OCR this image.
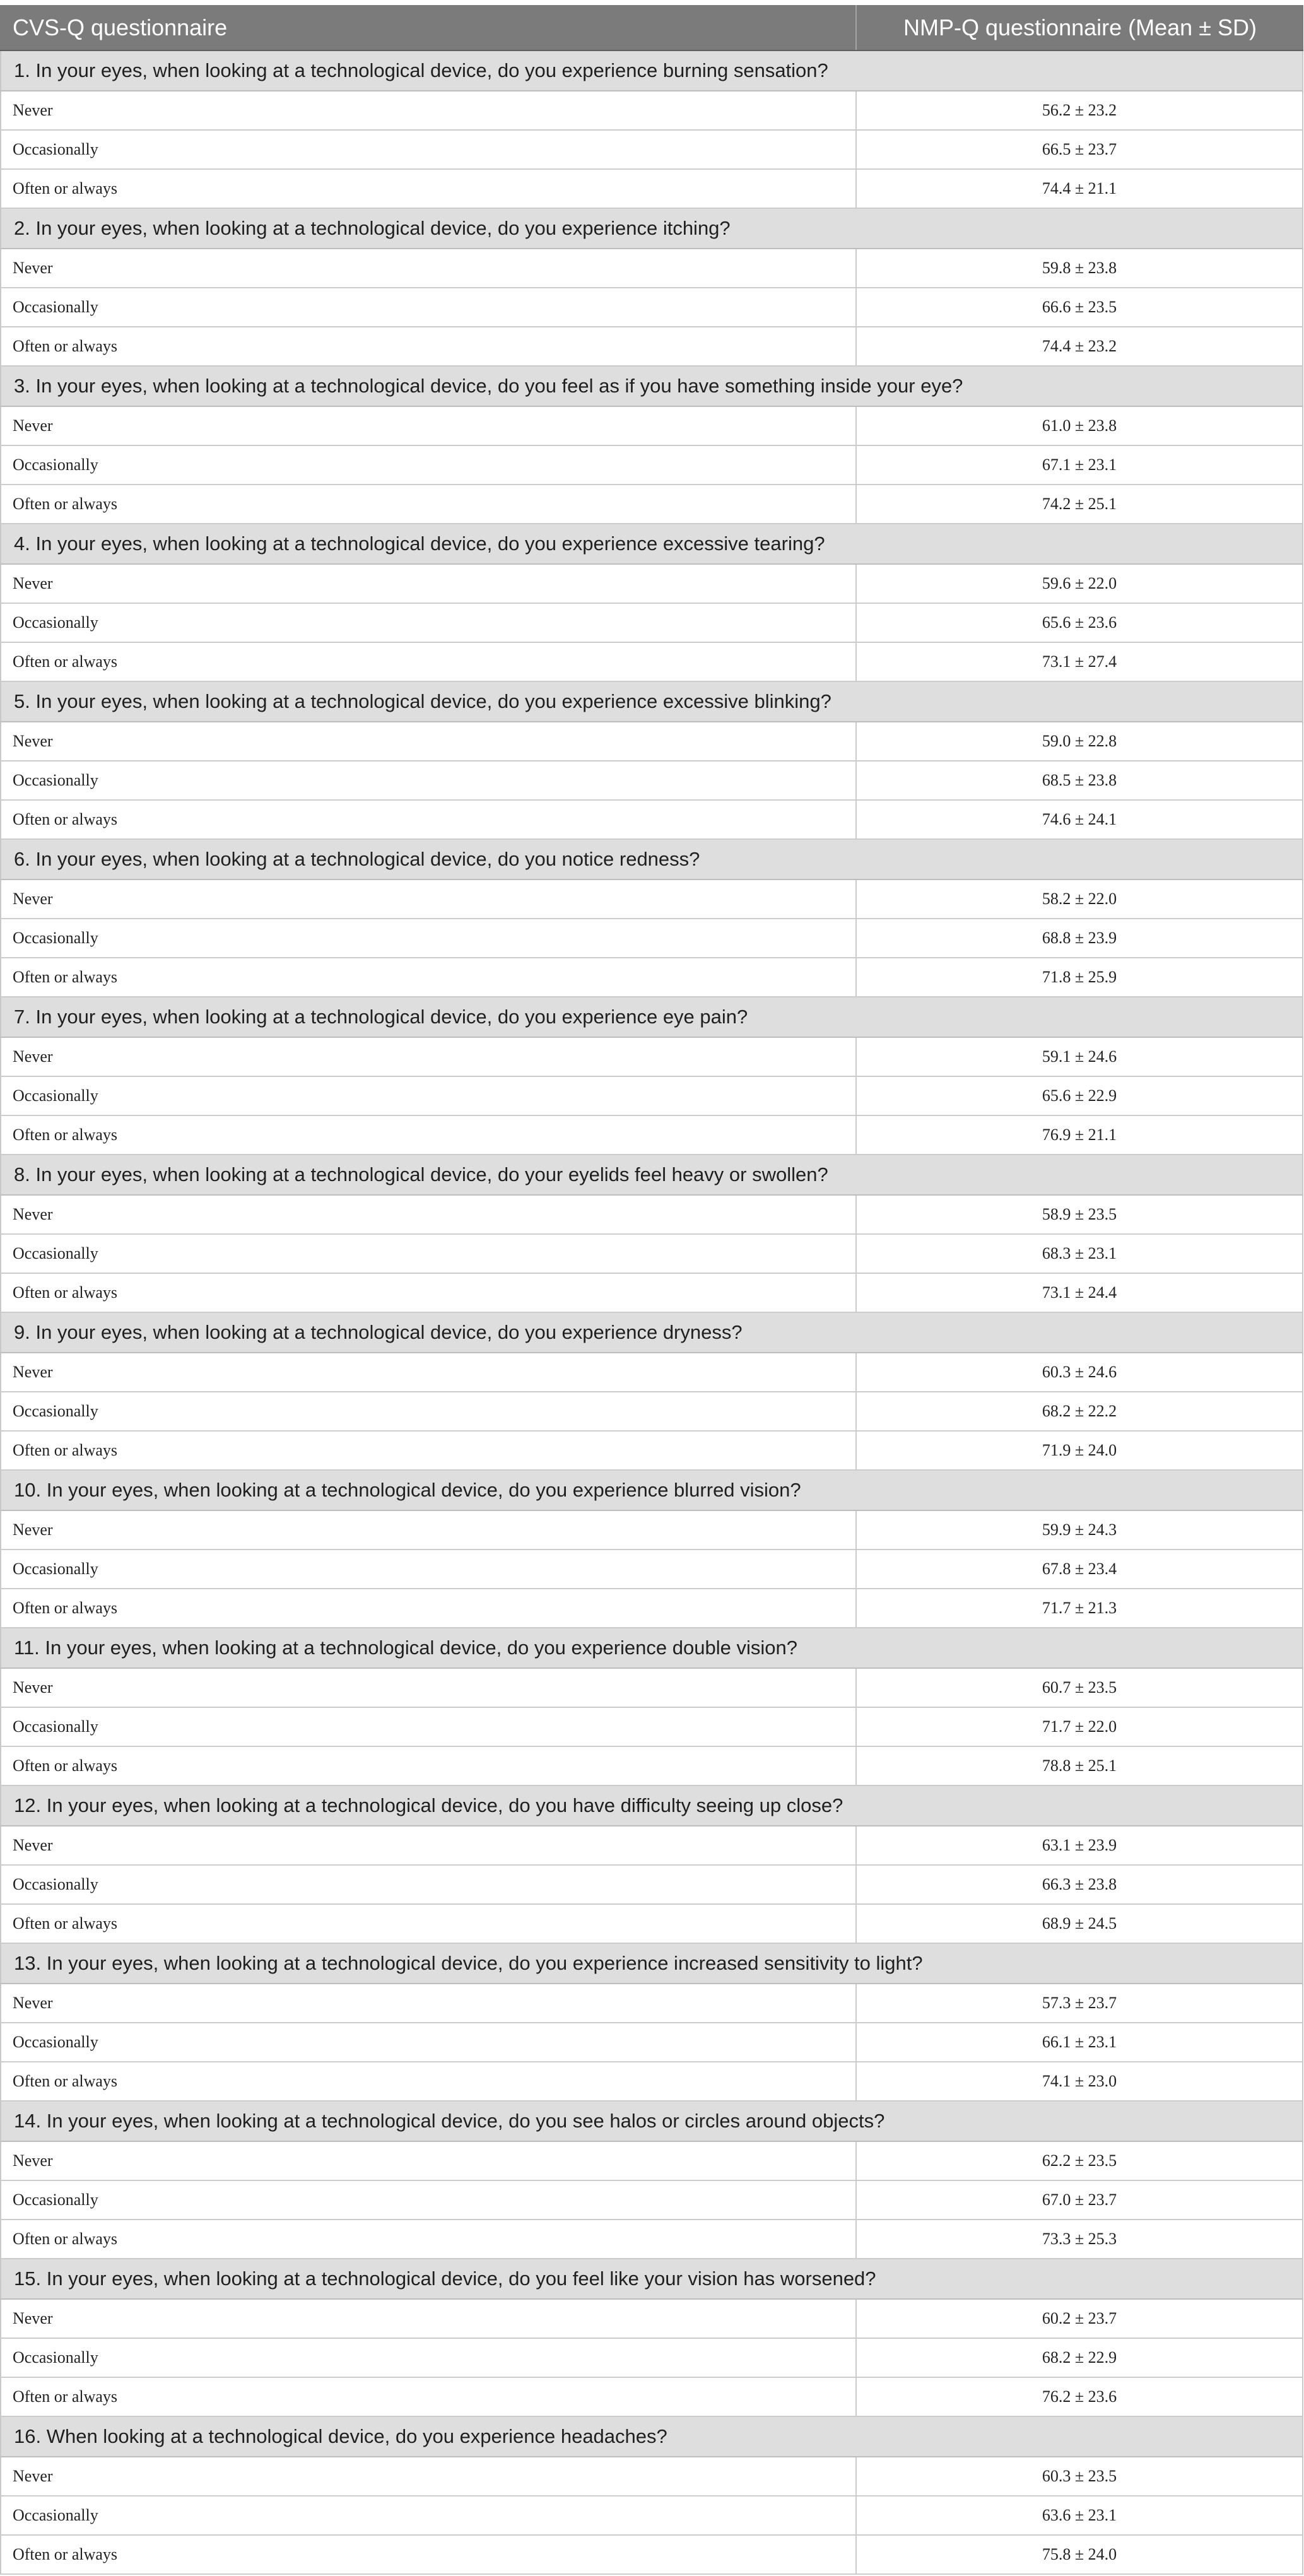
CVS-Q questionnaire	NMP-Q questionnaire (Mean ± SD)
1. In your eyes, when looking at a technological device, do you experience burning sensation?
Never	56.2 ± 23.2
Occasionally	66.5 ± 23.7
Often or always	74.4 ± 21.1
2. In your eyes, when looking at a technological device, do you experience itching?
Never	59.8 ± 23.8
Occasionally	66.6 ± 23.5
Often or always	74.4 ± 23.2
3. In your eyes, when looking at a technological device, do you feel as if you have something inside your eye?
Never	61.0 ± 23.8
Occasionally	67.1 ± 23.1
Often or always	74.2 ± 25.1
4. In your eyes, when looking at a technological device, do you experience excessive tearing?
Never	59.6 ± 22.0
Occasionally	65.6 ± 23.6
Often or always	73.1 ± 27.4
5. In your eyes, when looking at a technological device, do you experience excessive blinking?
Never	59.0 ± 22.8
Occasionally	68.5 ± 23.8
Often or always	74.6 ± 24.1
6. In your eyes, when looking at a technological device, do you notice redness?
Never	58.2 ± 22.0
Occasionally	68.8 ± 23.9
Often or always	71.8 ± 25.9
7. In your eyes, when looking at a technological device, do you experience eye pain?
Never	59.1 ± 24.6
Occasionally	65.6 ± 22.9
Often or always	76.9 ± 21.1
8. In your eyes, when looking at a technological device, do your eyelids feel heavy or swollen?
Never	58.9 ± 23.5
Occasionally	68.3 ± 23.1
Often or always	73.1 ± 24.4
9. In your eyes, when looking at a technological device, do you experience dryness?
Never	60.3 ± 24.6
Occasionally	68.2 ± 22.2
Often or always	71.9 ± 24.0
10. In your eyes, when looking at a technological device, do you experience blurred vision?
Never	59.9 ± 24.3
Occasionally	67.8 ± 23.4
Often or always	71.7 ± 21.3
11. In your eyes, when looking at a technological device, do you experience double vision?
Never	60.7 ± 23.5
Occasionally	71.7 ± 22.0
Often or always	78.8 ± 25.1
12. In your eyes, when looking at a technological device, do you have difficulty seeing up close?
Never	63.1 ± 23.9
Occasionally	66.3 ± 23.8
Often or always	68.9 ± 24.5
13. In your eyes, when looking at a technological device, do you experience increased sensitivity to light?
Never	57.3 ± 23.7
Occasionally	66.1 ± 23.1
Often or always	74.1 ± 23.0
14. In your eyes, when looking at a technological device, do you see halos or circles around objects?
Never	62.2 ± 23.5
Occasionally	67.0 ± 23.7
Often or always	73.3 ± 25.3
15. In your eyes, when looking at a technological device, do you feel like your vision has worsened?
Never	60.2 ± 23.7
Occasionally	68.2 ± 22.9
Often or always	76.2 ± 23.6
16. When looking at a technological device, do you experience headaches?
Never	60.3 ± 23.5
Occasionally	63.6 ± 23.1
Often or always	75.8 ± 24.0
